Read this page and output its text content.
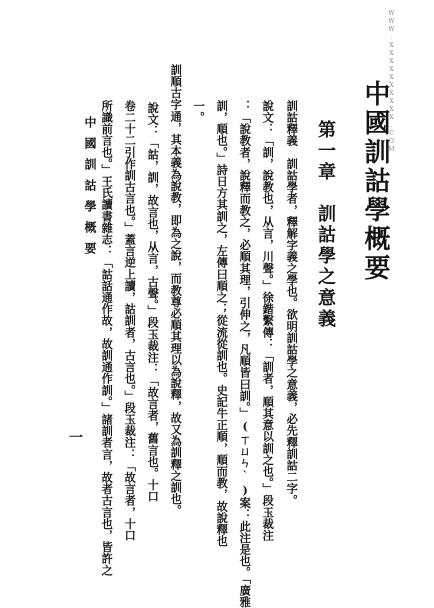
WWW.XXXXXXXXXX.COM

中國訓詁學概要
第一章　訓詁學之意義

訓詁釋義　訓詁學者，釋解字義之學也。欲明訓詁學之意義，必先釋訓詁二字。

說文：「訓，說教也，从言，川聲。」徐鍇繫傳：「訓者，順其意以訓之也。」段玉裁注

：「說教者，說釋而教之，必順其理，引伸之，凡順皆曰訓。」(ㄒㄩㄣˋ)案：此注是也。「廣雅

訓，順也。」詩日方其訓之，左傳曰順之；從流從訓也。史記牛正順，順而教，故說釋也

一。

訓順古字通，其本義為說教，即為之說，而教尊必順其理以為說釋，故又為訓釋之訓也。

說文：「詁，訓，故言也，从言，古聲。」段玉裁注：「故言者，舊言也。十口

卷二十二引作訓古言也。」蓋言逆上讀，詁訓者，古言也。」段玉裁注：「故言者，十口

所識前言也。」王氏讀書雜志：「詁話通作故，故訓通作訓。」諸訓者言，故者古言也，皆許之

中國訓詁學概要

一
